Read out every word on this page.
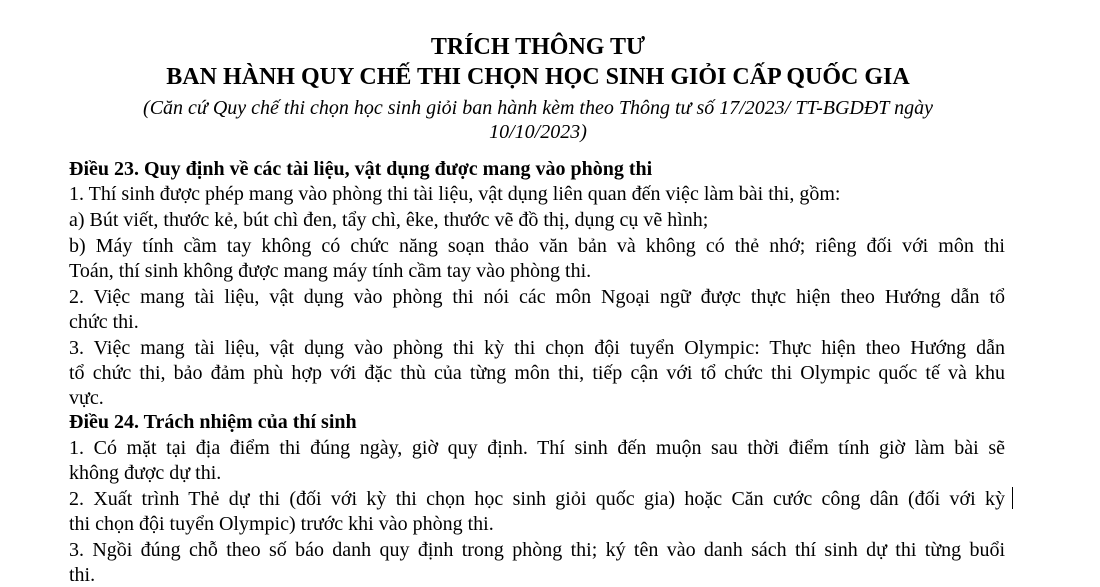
TRÍCH THÔNG TƯ
BAN HÀNH QUY CHẾ THI CHỌN HỌC SINH GIỎI CẤP QUỐC GIA
(Căn cứ Quy chế thi chọn học sinh giỏi ban hành kèm theo Thông tư số 17/2023/ TT-BGDĐT ngày
10/10/2023)
Điều 23. Quy định về các tài liệu, vật dụng được mang vào phòng thi
1. Thí sinh được phép mang vào phòng thi tài liệu, vật dụng liên quan đến việc làm bài thi, gồm:
a) Bút viết, thước kẻ, bút chì đen, tẩy chì, êke, thước vẽ đồ thị, dụng cụ vẽ hình;
b) Máy tính cầm tay không có chức năng soạn thảo văn bản và không có thẻ nhớ; riêng đối với môn thi
Toán, thí sinh không được mang máy tính cầm tay vào phòng thi.
2. Việc mang tài liệu, vật dụng vào phòng thi nói các môn Ngoại ngữ được thực hiện theo Hướng dẫn tổ
chức thi.
3. Việc mang tài liệu, vật dụng vào phòng thi kỳ thi chọn đội tuyển Olympic: Thực hiện theo Hướng dẫn
tổ chức thi, bảo đảm phù hợp với đặc thù của từng môn thi, tiếp cận với tổ chức thi Olympic quốc tế và khu
vực.
Điều 24. Trách nhiệm của thí sinh
1. Có mặt tại địa điểm thi đúng ngày, giờ quy định. Thí sinh đến muộn sau thời điểm tính giờ làm bài sẽ
không được dự thi.
2. Xuất trình Thẻ dự thi (đối với kỳ thi chọn học sinh giỏi quốc gia) hoặc Căn cước công dân (đối với kỳ
thi chọn đội tuyển Olympic) trước khi vào phòng thi.
3. Ngồi đúng chỗ theo số báo danh quy định trong phòng thi; ký tên vào danh sách thí sinh dự thi từng buổi
thi.
